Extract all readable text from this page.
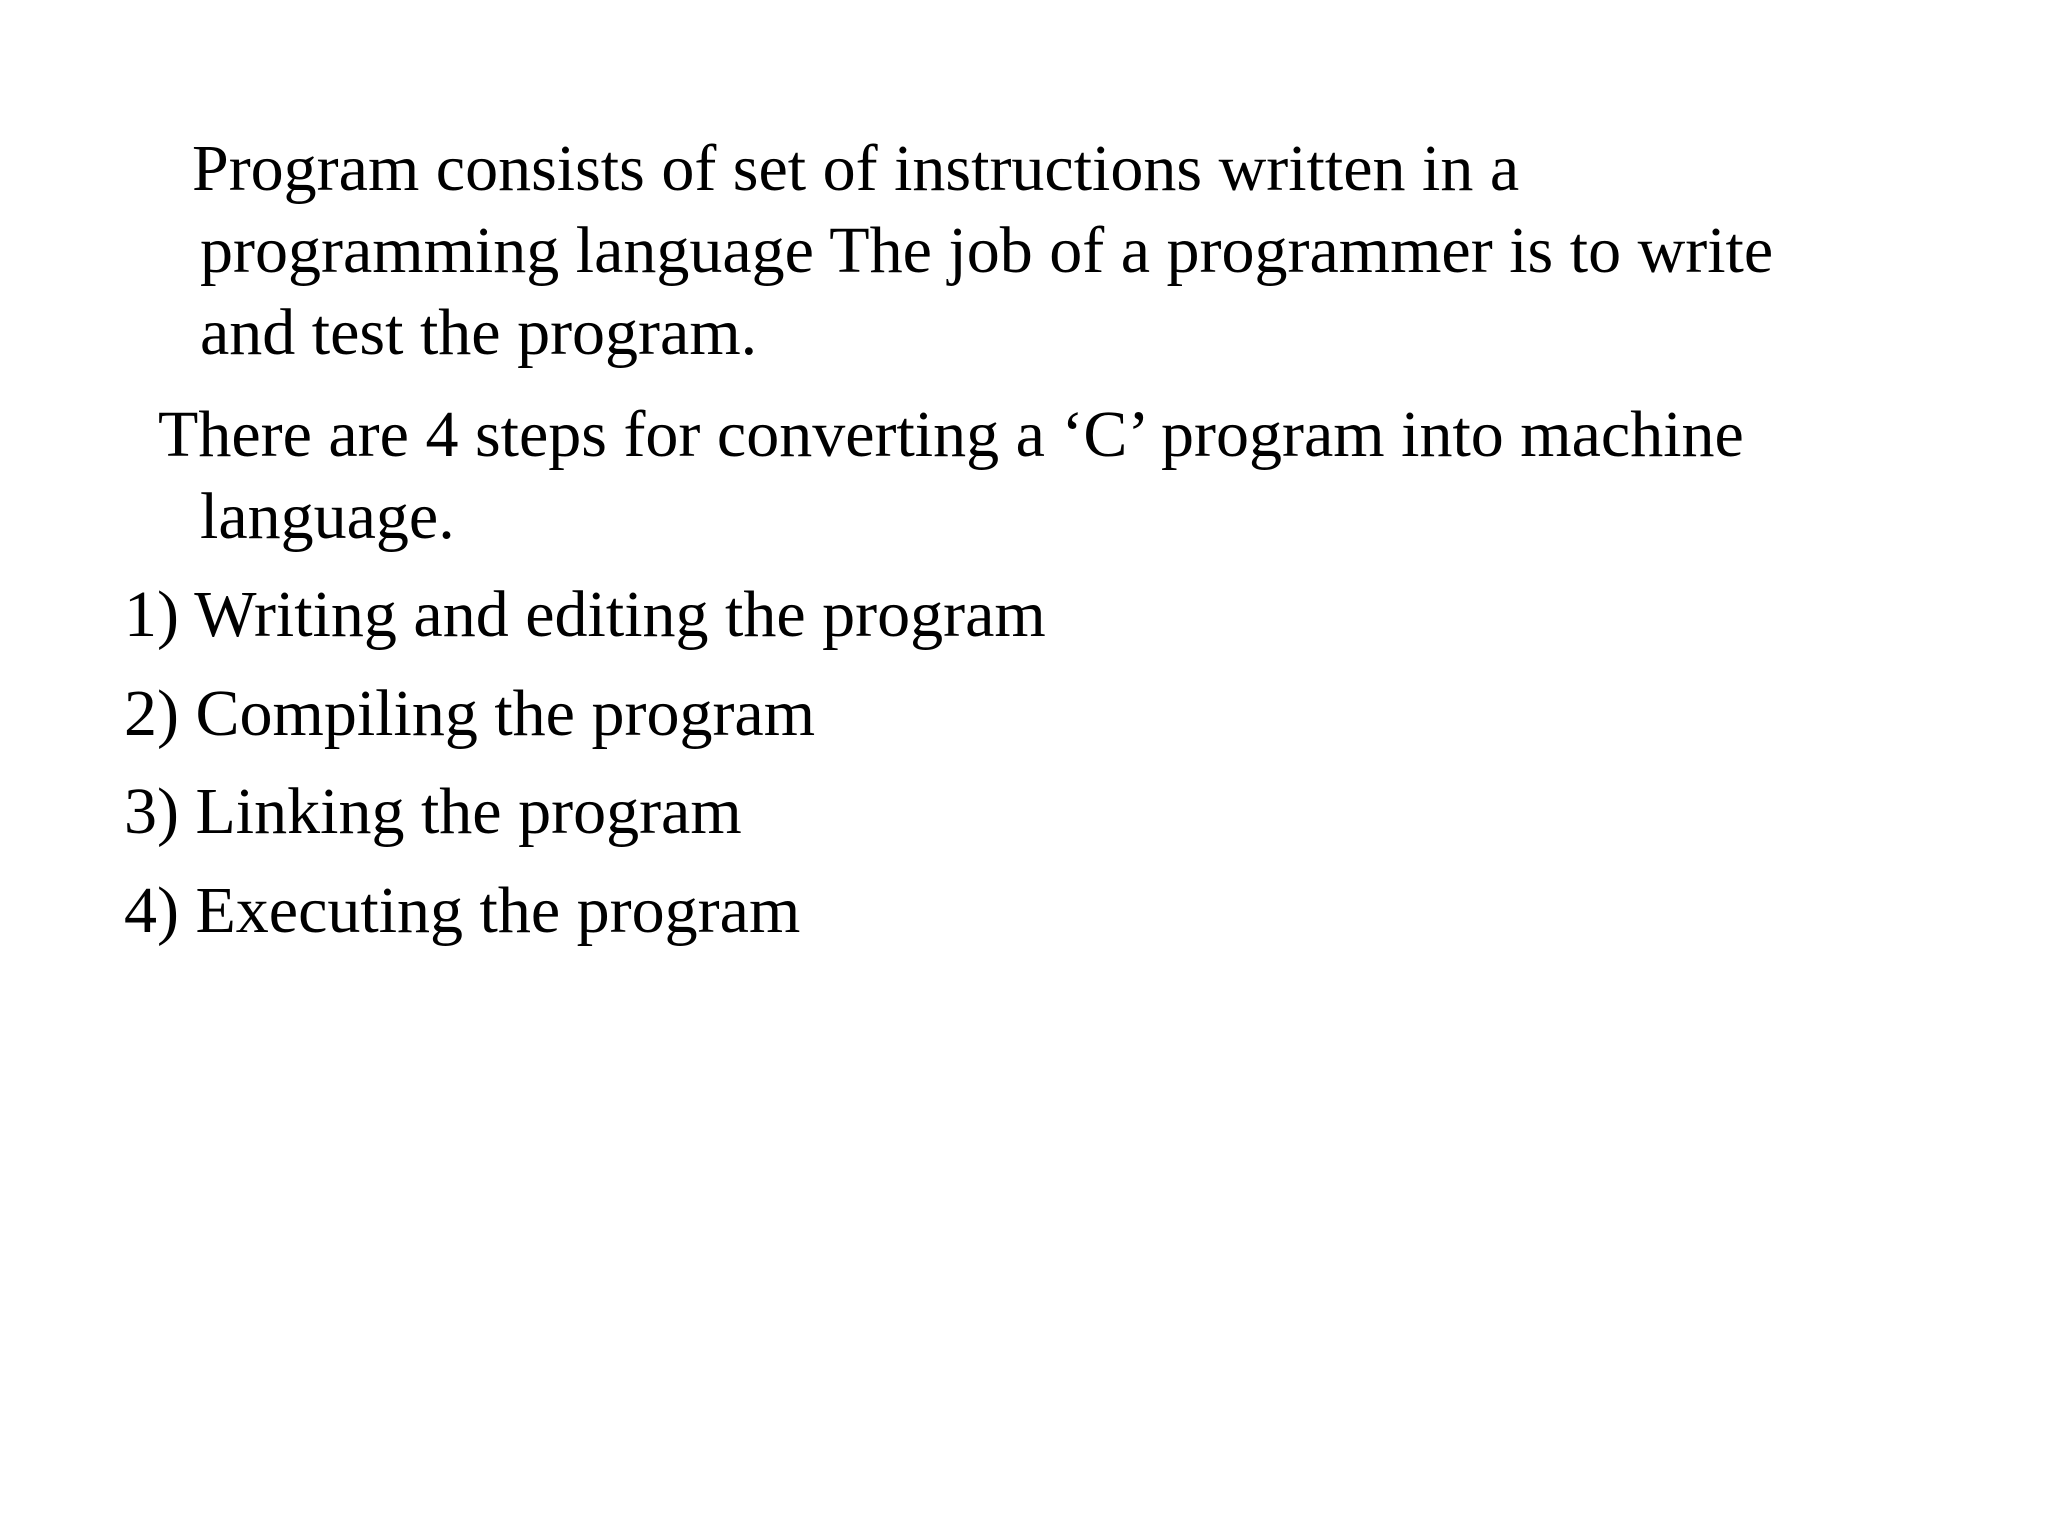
Program consists of set of instructions written in a
programming language The job of a programmer is to write
and test the program.

There are 4 steps for converting a ‘C’ program into machine
language.

1) Writing and editing the program

2) Compiling the program

3) Linking the program

4) Executing the program
